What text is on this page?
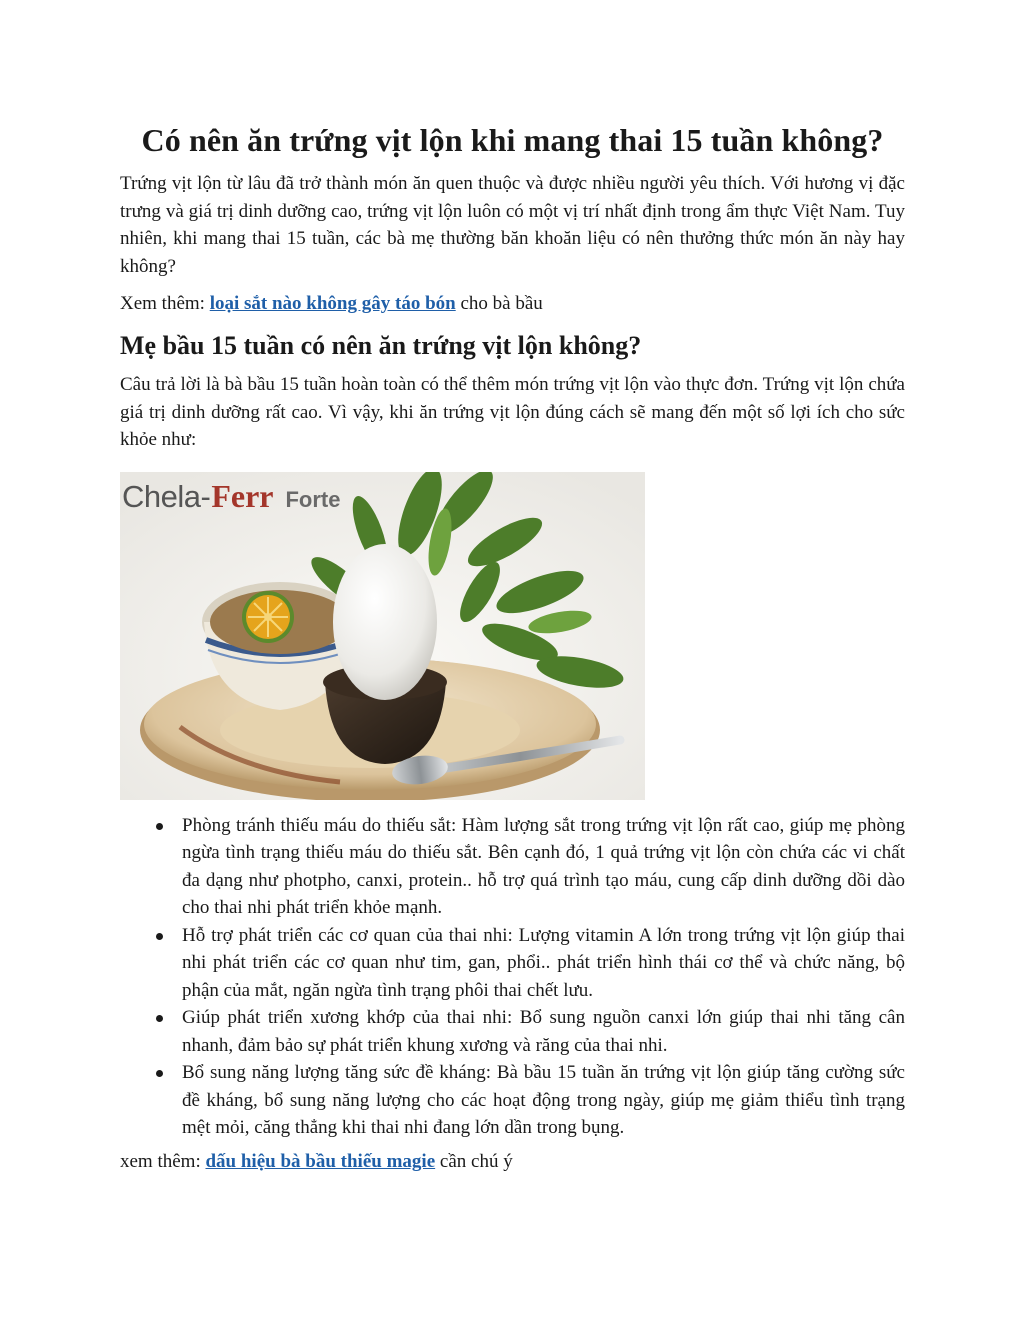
Có nên ăn trứng vịt lộn khi mang thai 15 tuần không?

Trứng vịt lộn từ lâu đã trở thành món ăn quen thuộc và được nhiều người yêu thích. Với hương vị đặc trưng và giá trị dinh dưỡng cao, trứng vịt lộn luôn có một vị trí nhất định trong ẩm thực Việt Nam. Tuy nhiên, khi mang thai 15 tuần, các bà mẹ thường băn khoăn liệu có nên thưởng thức món ăn này hay không?

Xem thêm: loại sắt nào không gây táo bón cho bà bầu

Mẹ bầu 15 tuần có nên ăn trứng vịt lộn không?

Câu trả lời là bà bầu 15 tuần hoàn toàn có thể thêm món trứng vịt lộn vào thực đơn. Trứng vịt lộn chứa giá trị dinh dưỡng rất cao. Vì vậy, khi ăn trứng vịt lộn đúng cách sẽ mang đến một số lợi ích cho sức khỏe như:

Chela- Ferr Forte
Phòng tránh thiếu máu do thiếu sắt: Hàm lượng sắt trong trứng vịt lộn rất cao, giúp mẹ phòng ngừa tình trạng thiếu máu do thiếu sắt. Bên cạnh đó, 1 quả trứng vịt lộn còn chứa các vi chất đa dạng như photpho, canxi, protein.. hỗ trợ quá trình tạo máu, cung cấp dinh dưỡng dồi dào cho thai nhi phát triển khỏe mạnh.
Hỗ trợ phát triển các cơ quan của thai nhi: Lượng vitamin A lớn trong trứng vịt lộn giúp thai nhi phát triển các cơ quan như tim, gan, phổi.. phát triển hình thái cơ thể và chức năng, bộ phận của mắt, ngăn ngừa tình trạng phôi thai chết lưu.
Giúp phát triển xương khớp của thai nhi: Bổ sung nguồn canxi lớn giúp thai nhi tăng cân nhanh, đảm bảo sự phát triển khung xương và răng của thai nhi.
Bổ sung năng lượng tăng sức đề kháng: Bà bầu 15 tuần ăn trứng vịt lộn giúp tăng cường sức đề kháng, bổ sung năng lượng cho các hoạt động trong ngày, giúp mẹ giảm thiểu tình trạng mệt mỏi, căng thẳng khi thai nhi đang lớn dần trong bụng.

xem thêm: dấu hiệu bà bầu thiếu magie cần chú ý
